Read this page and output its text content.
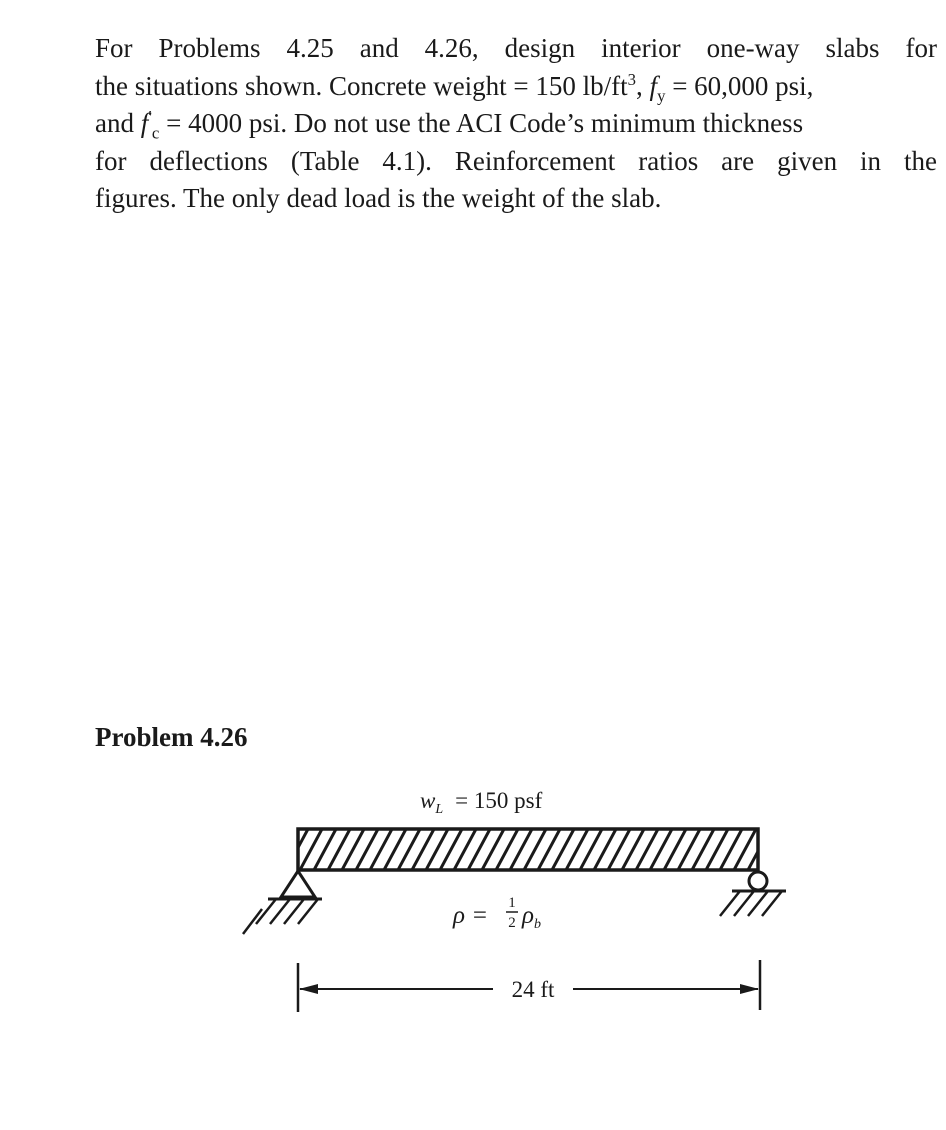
For Problems 4.25 and 4.26, design interior one-way slabs for
the situations shown. Concrete weight = 150 $lb/ft^3$, $f_y = 60,000$ psi,
and $f'_c = 4000$ psi. Do not use the ACI Code’s minimum thickness
for deflections (Table 4.1). Reinforcement ratios are given in the
figures. The only dead load is the weight of the slab.
Problem 4.26
$w_L = 150$ psf
ρ = 1
2 $\rho_b$
24 ft
